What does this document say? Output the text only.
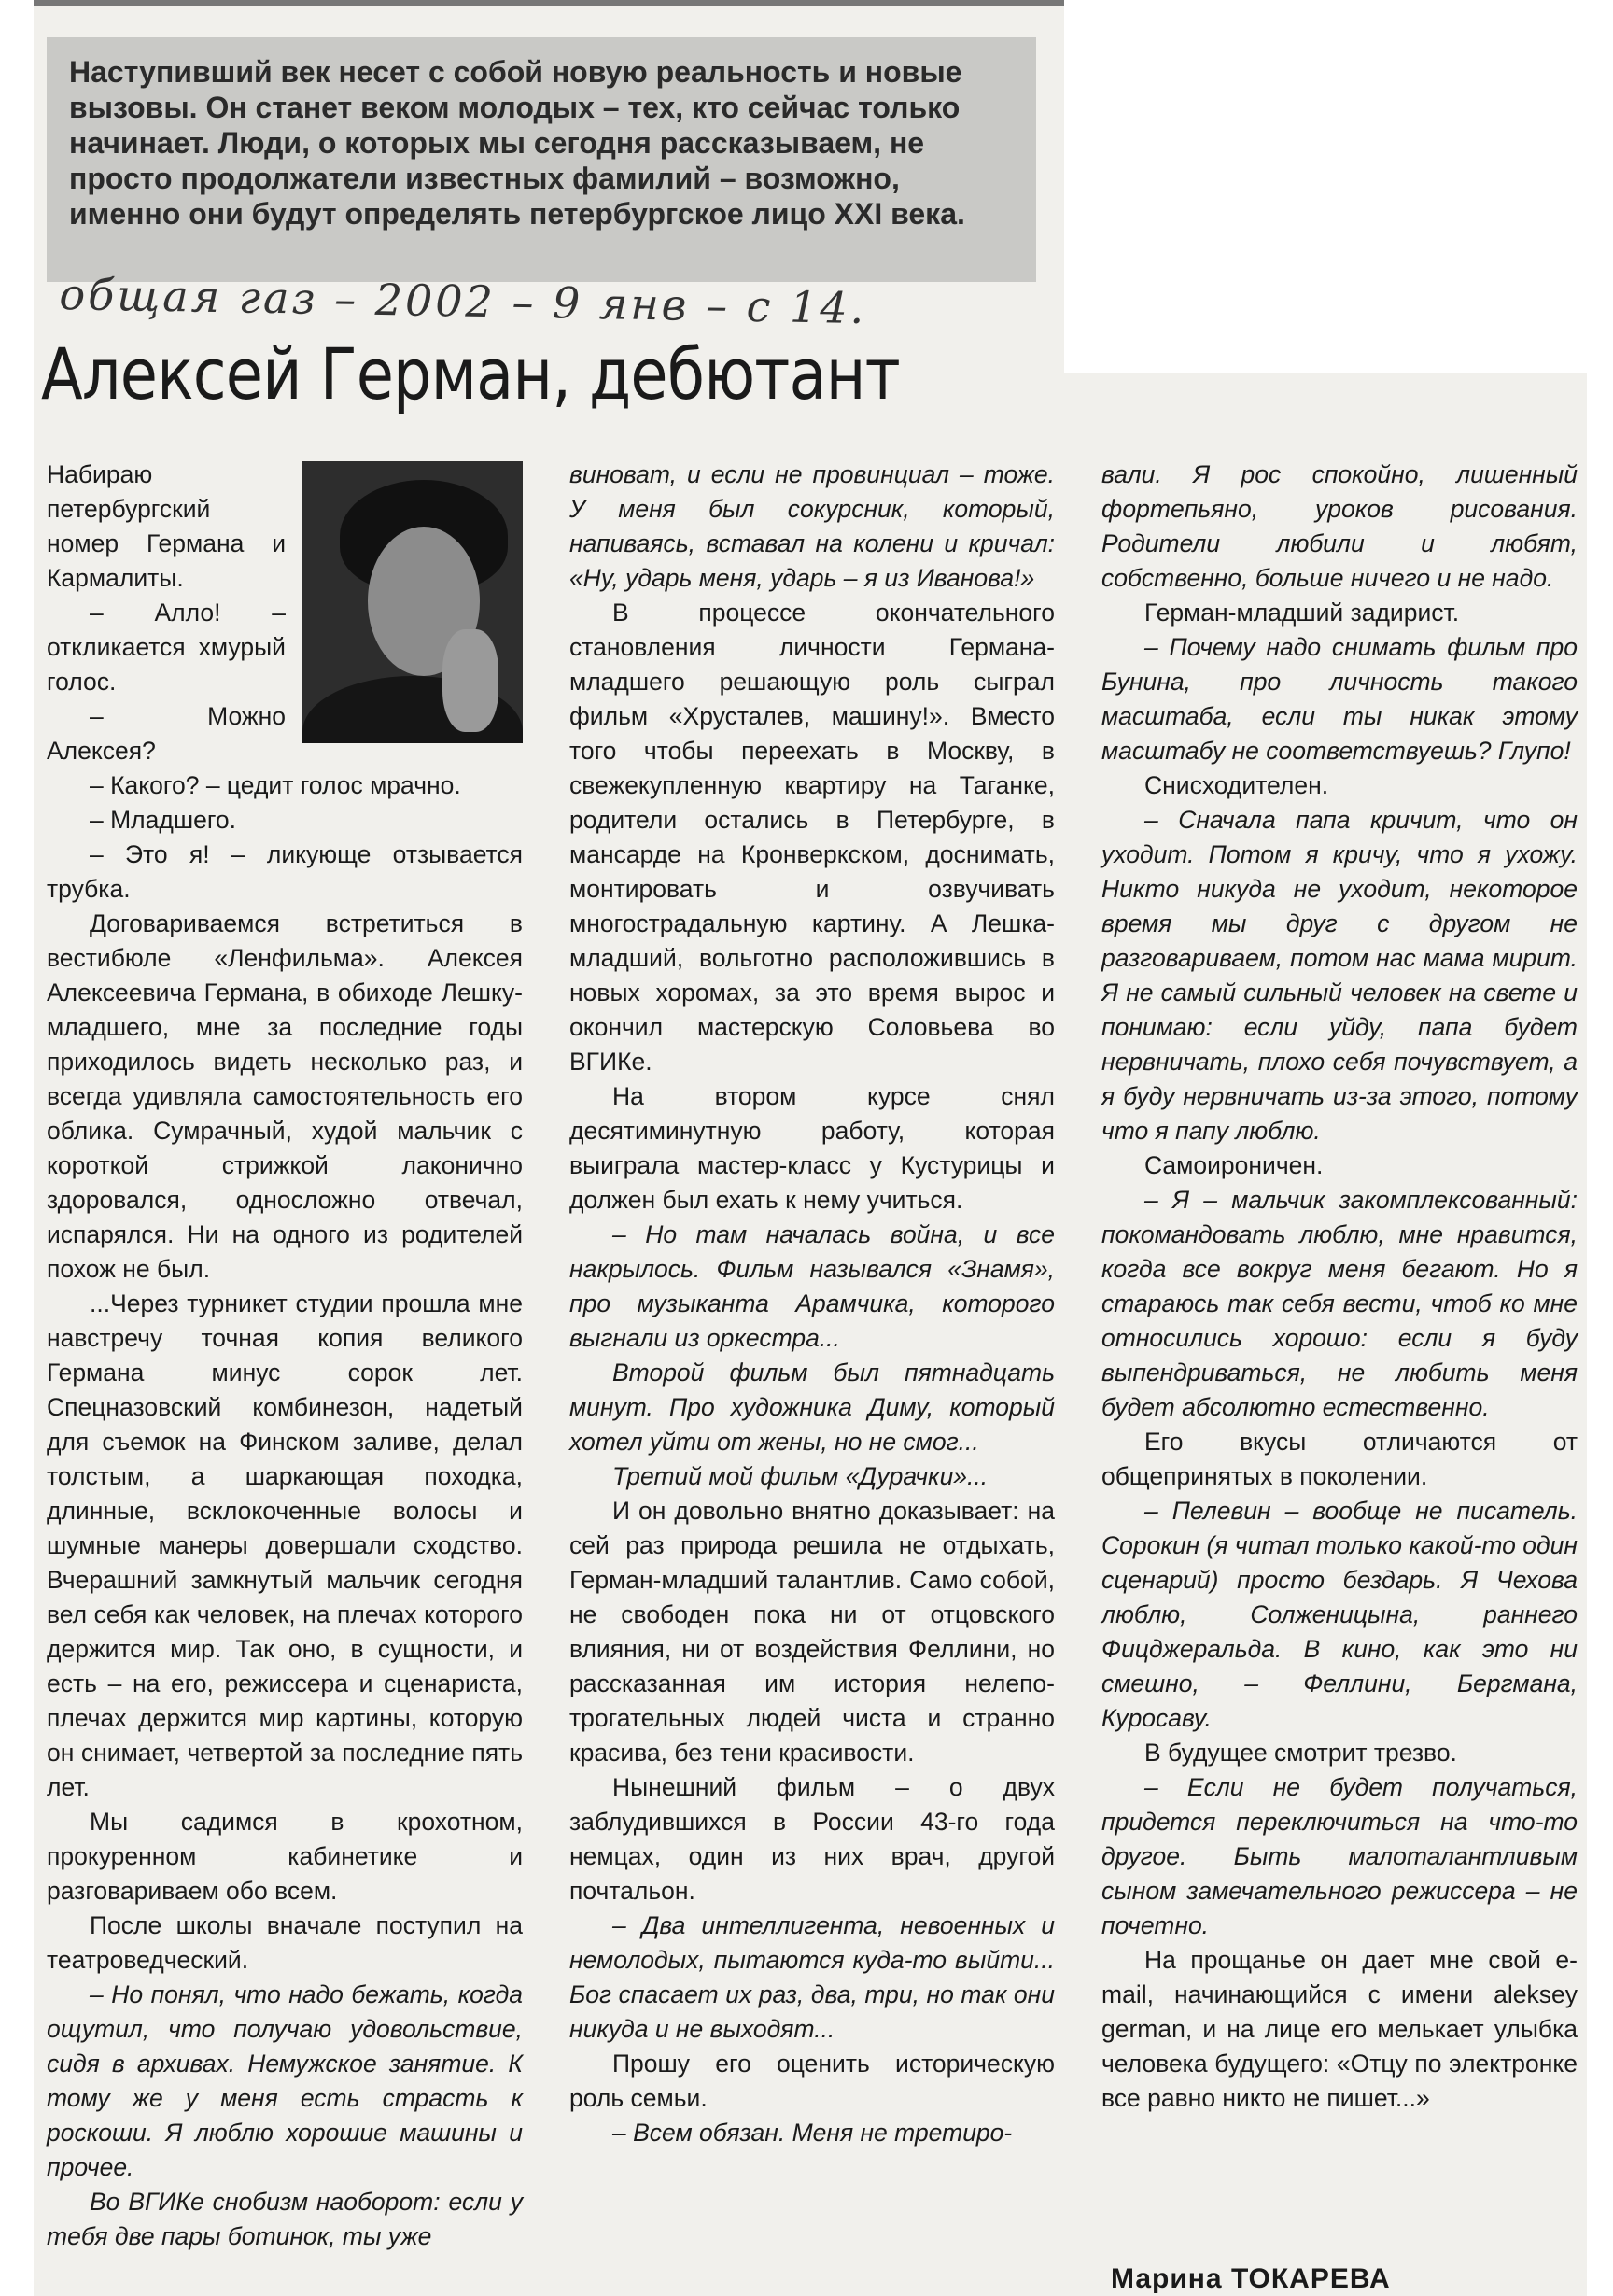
Наступивший век несет с собой новую реальность и новые вызовы. Он станет веком молодых – тех, кто сейчас только начинает. Люди, о которых мы сегодня рассказываем, не просто продолжатели известных фамилий – возможно, именно они будут определять петербургское лицо XXI века.

общая газ – 2002 – 9 янв – с 14.
Алексей Герман, дебютант

Набираю петербургский номер Германа и Кармалиты.

– Алло! – откликается хмурый голос.

– Можно Алексея?

– Какого? – цедит голос мрачно.

– Младшего.

– Это я! – ликующе отзывается трубка.

Договариваемся встретиться в вестибюле «Ленфильма». Алексея Алексеевича Германа, в обиходе Лешку-младшего, мне за последние годы приходилось видеть несколько раз, и всегда удивляла самостоятельность его облика. Сумрачный, худой мальчик с короткой стрижкой лаконично здоровался, односложно отвечал, испарялся. Ни на одного из родителей похож не был.

...Через турникет студии прошла мне навстречу точная копия великого Германа минус сорок лет. Спецназовский комбинезон, надетый для съемок на Финском заливе, делал толстым, а шаркающая походка, длинные, всклокоченные волосы и шумные манеры довершали сходство. Вчерашний замкнутый мальчик сегодня вел себя как человек, на плечах которого держится мир. Так оно, в сущности, и есть – на его, режиссера и сценариста, плечах держится мир картины, которую он снимает, четвертой за последние пять лет.

Мы садимся в крохотном, прокуренном кабинетике и разговариваем обо всем.

После школы вначале поступил на театроведческий.

– Но понял, что надо бежать, когда ощутил, что получаю удовольствие, сидя в архивах. Немужское занятие. К тому же у меня есть страсть к роскоши. Я люблю хорошие машины и прочее.

Во ВГИКе снобизм наоборот: если у тебя две пары ботинок, ты уже

виноват, и если не провинциал – тоже. У меня был сокурсник, который, напиваясь, вставал на колени и кричал: «Ну, ударь меня, ударь – я из Иванова!»

В процессе окончательного становления личности Германа-младшего решающую роль сыграл фильм «Хрусталев, машину!». Вместо того чтобы переехать в Москву, в свежекупленную квартиру на Таганке, родители остались в Петербурге, в мансарде на Кронверкском, доснимать, монтировать и озвучивать многострадальную картину. А Лешка-младший, вольготно расположившись в новых хоромах, за это время вырос и окончил мастерскую Соловьева во ВГИКе.

На втором курсе снял десятиминутную работу, которая выиграла мастер-класс у Кустурицы и должен был ехать к нему учиться.

– Но там началась война, и все накрылось. Фильм назывался «Знамя», про музыканта Арамчика, которого выгнали из оркестра...

Второй фильм был пятнадцать минут. Про художника Диму, который хотел уйти от жены, но не смог...

Третий мой фильм «Дурачки»...

И он довольно внятно доказывает: на сей раз природа решила не отдыхать, Герман-младший талантлив. Само собой, не свободен пока ни от отцовского влияния, ни от воздействия Феллини, но рассказанная им история нелепо-трогательных людей чиста и странно красива, без тени красивости.

Нынешний фильм – о двух заблудившихся в России 43-го года немцах, один из них врач, другой почтальон.

– Два интеллигента, невоенных и немолодых, пытаются куда-то выйти... Бог спасает их раз, два, три, но так они никуда и не выходят...

Прошу его оценить историческую роль семьи.

– Всем обязан. Меня не третиро-

вали. Я рос спокойно, лишенный фортепьяно, уроков рисования. Родители любили и любят, собственно, больше ничего и не надо.

Герман-младший задирист.

– Почему надо снимать фильм про Бунина, про личность такого масштаба, если ты никак этому масштабу не соответствуешь? Глупо!

Снисходителен.

– Сначала папа кричит, что он уходит. Потом я кричу, что я ухожу. Никто никуда не уходит, некоторое время мы друг с другом не разговариваем, потом нас мама мирит. Я не самый сильный человек на свете и понимаю: если уйду, папа будет нервничать, плохо себя почувствует, а я буду нервничать из-за этого, потому что я папу люблю.

Самоироничен.

– Я – мальчик закомплексованный: покомандовать люблю, мне нравится, когда все вокруг меня бегают. Но я стараюсь так себя вести, чтоб ко мне относились хорошо: если я буду выпендриваться, не любить меня будет абсолютно естественно.

Его вкусы отличаются от общепринятых в поколении.

– Пелевин – вообще не писатель. Сорокин (я читал только какой-то один сценарий) просто бездарь. Я Чехова люблю, Солженицына, раннего Фицджеральда. В кино, как это ни смешно, – Феллини, Бергмана, Куросаву.

В будущее смотрит трезво.

– Если не будет получаться, придется переключиться на что-то другое. Быть малоталантливым сыном замечательного режиссера – не почетно.

На прощанье он дает мне свой e-mail, начинающийся с имени aleksey german, и на лице его мелькает улыбка человека будущего: «Отцу по электронке все равно никто не пишет...»

Марина ТОКАРЕВА
